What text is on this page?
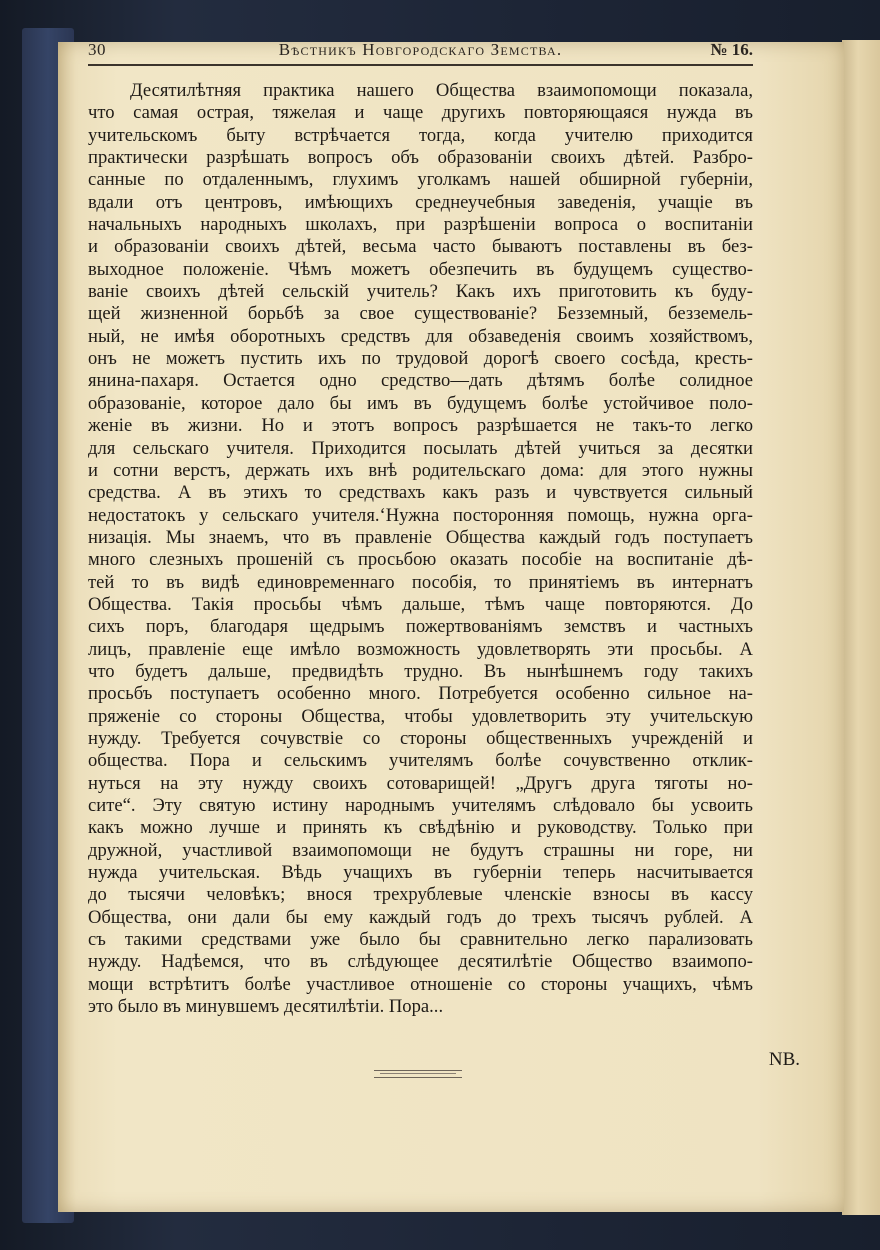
30	Вѣстникъ Новгородскаго Земства.	№ 16.
Десятилѣтняя практика нашего Общества взаимопомощи показала,
что самая острая, тяжелая и чаще другихъ повторяющаяся нужда въ
учительскомъ быту встрѣчается тогда, когда учителю приходится
практически разрѣшать вопросъ объ образованіи своихъ дѣтей. Разбро-
санные по отдаленнымъ, глухимъ уголкамъ нашей обширной губерніи,
вдали отъ центровъ, имѣющихъ среднеучебныя заведенія, учащіе въ
начальныхъ народныхъ школахъ, при разрѣшеніи вопроса о воспитаніи
и образованіи своихъ дѣтей, весьма часто бываютъ поставлены въ без-
выходное положеніе. Чѣмъ можетъ обезпечить въ будущемъ существо-
ваніе своихъ дѣтей сельскій учитель? Какъ ихъ приготовить къ буду-
щей жизненной борьбѣ за свое существованіе? Безземный, безземель-
ный, не имѣя оборотныхъ средствъ для обзаведенія своимъ хозяйствомъ,
онъ не можетъ пустить ихъ по трудовой дорогѣ своего сосѣда, кресть-
янина-пахаря. Остается одно средство—дать дѣтямъ болѣе солидное
образованіе, которое дало бы имъ въ будущемъ болѣе устойчивое поло-
женіе въ жизни. Но и этотъ вопросъ разрѣшается не такъ-то легко
для сельскаго учителя. Приходится посылать дѣтей учиться за десятки
и сотни верстъ, держать ихъ внѣ родительскаго дома: для этого нужны
средства. А въ этихъ то средствахъ какъ разъ и чувствуется сильный
недостатокъ у сельскаго учителя.‘Нужна посторонняя помощь, нужна орга-
низація. Мы знаемъ, что въ правленіе Общества каждый годъ поступаетъ
много слезныхъ прошеній съ просьбою оказать пособіе на воспитаніе дѣ-
тей то въ видѣ единовременнаго пособія, то принятіемъ въ интернатъ
Общества. Такія просьбы чѣмъ дальше, тѣмъ чаще повторяются. До
сихъ поръ, благодаря щедрымъ пожертвованіямъ земствъ и частныхъ
лицъ, правленіе еще имѣло возможность удовлетворять эти просьбы. А
что будетъ дальше, предвидѣть трудно. Въ нынѣшнемъ году такихъ
просьбъ поступаетъ особенно много. Потребуется особенно сильное на-
пряженіе со стороны Общества, чтобы удовлетворить эту учительскую
нужду. Требуется сочувствіе со стороны общественныхъ учрежденій и
общества. Пора и сельскимъ учителямъ болѣе сочувственно отклик-
нуться на эту нужду своихъ сотоварищей! „Другъ друга тяготы но-
сите“. Эту святую истину народнымъ учителямъ слѣдовало бы усвоить
какъ можно лучше и принять къ свѣдѣнію и руководству. Только при
дружной, участливой взаимопомощи не будутъ страшны ни горе, ни
нужда учительская. Вѣдь учащихъ въ губерніи теперь насчитывается
до тысячи человѣкъ; внося трехрублевые членскіе взносы въ кассу
Общества, они дали бы ему каждый годъ до трехъ тысячъ рублей. А
съ такими средствами уже было бы сравнительно легко парализовать
нужду. Надѣемся, что въ слѣдующее десятилѣтіе Общество взаимопо-
мощи встрѣтитъ болѣе участливое отношеніе со стороны учащихъ, чѣмъ
это было въ минувшемъ десятилѣтіи. Пора...
NB.
